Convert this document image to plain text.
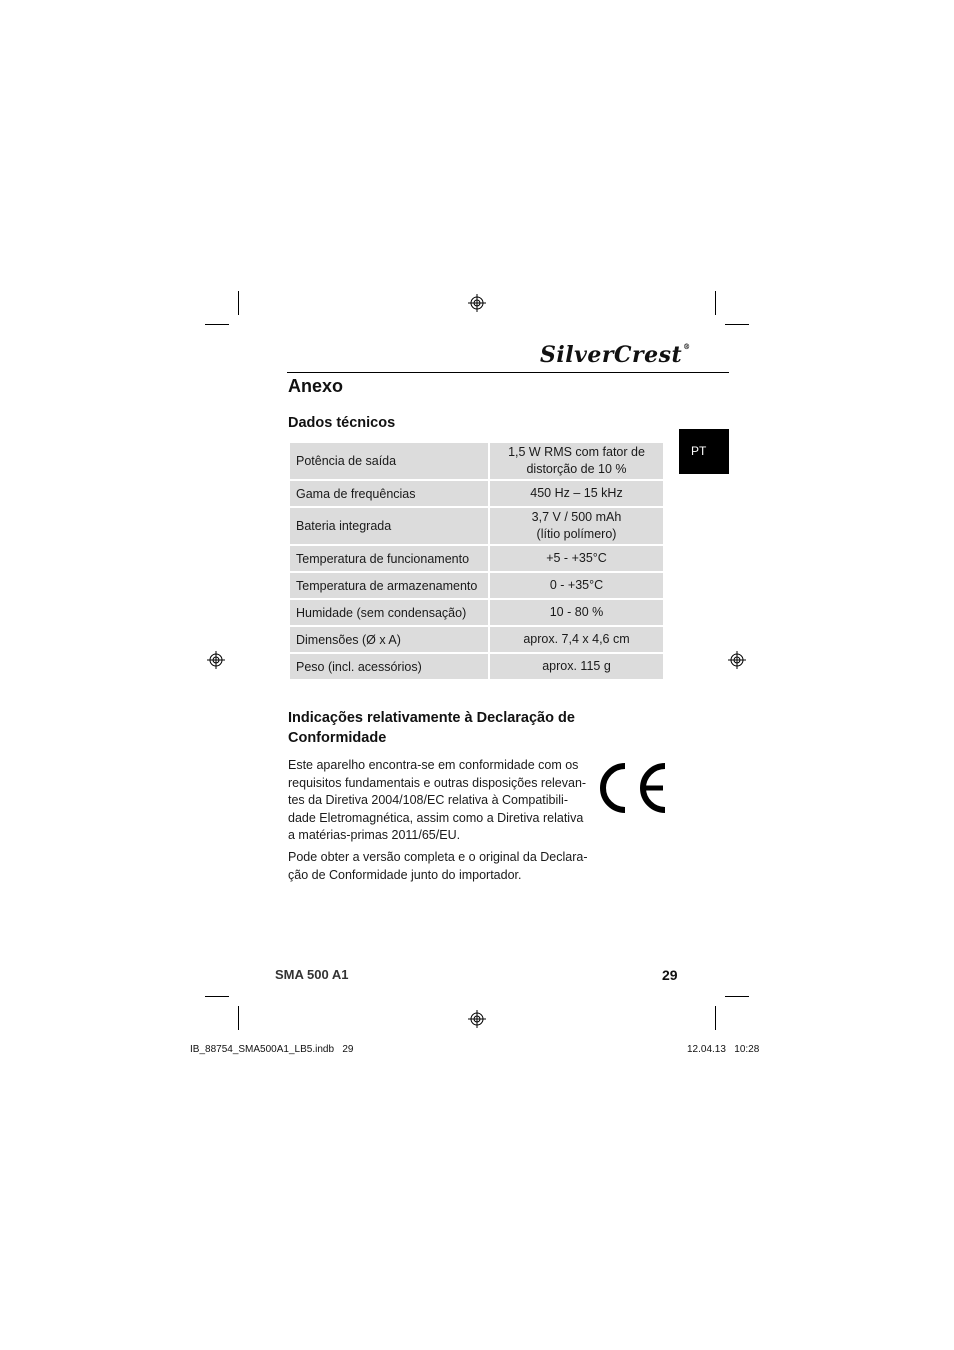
SilverCrest®
Anexo
PT
Dados técnicos
Potência de saída	1,5 W RMS com fator de
distorção de 10 %
Gama de frequências	450 Hz – 15 kHz
Bateria integrada	3,7 V / 500 mAh
(lítio polímero)
Temperatura de funcionamento	+5 - +35°C
Temperatura de armazenamento	0 - +35°C
Humidade (sem condensação)	10 - 80 %
Dimensões (Ø x A)	aprox. 7,4 x 4,6 cm
Peso (incl. acessórios)	aprox. 115 g
Indicações relativamente à Declaração de
Conformidade

Este aparelho encontra-se em conformidade com os
requisitos fundamentais e outras disposições relevan-
tes da Diretiva 2004/108/EC relativa à Compatibili-
dade Eletromagnética, assim como a Diretiva relativa
a matérias-primas 2011/65/EU.

Pode obter a versão completa e o original da Declara-
ção de Conformidade junto do importador.

SMA 500 A1	29
IB_88754_SMA500A1_LB5.indb   29	12.04.13   10:28
